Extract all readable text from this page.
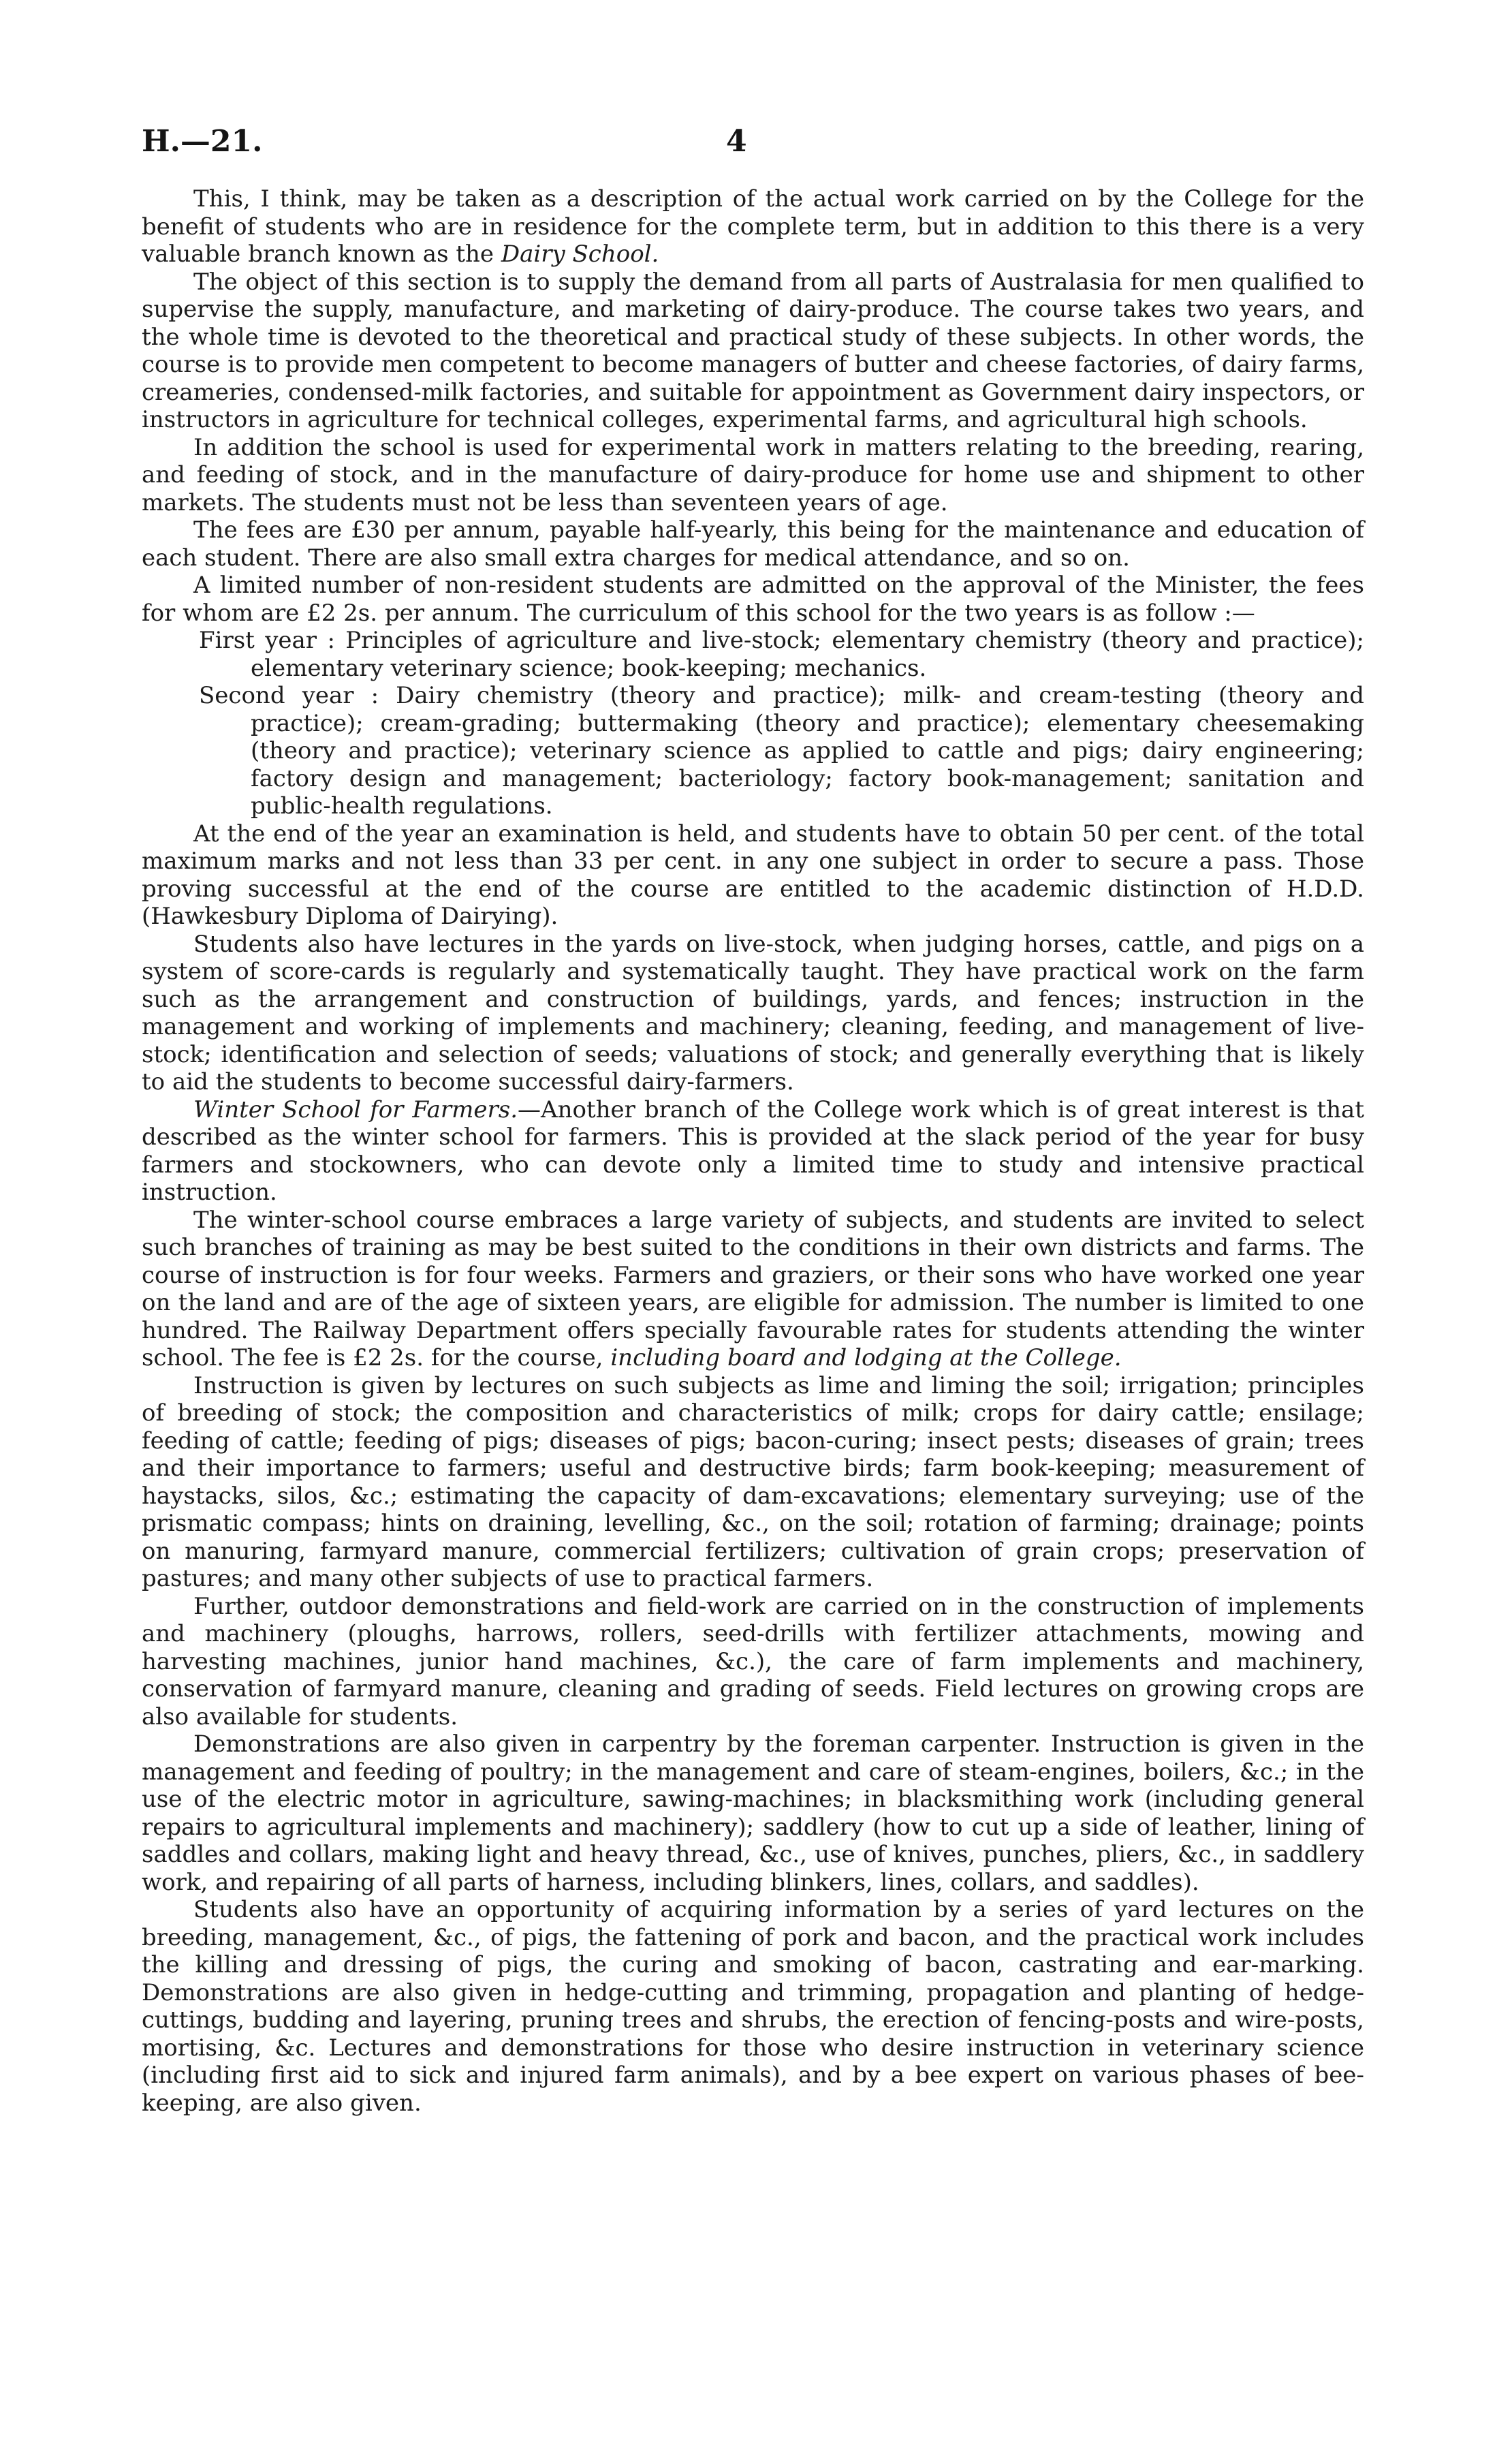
H.—21.	4

This, I think, may be taken as a description of the actual work carried on by the College for the benefit of students who are in residence for the complete term, but in addition to this there is a very valuable branch known as the Dairy School.

The object of this section is to supply the demand from all parts of Australasia for men qualified to supervise the supply, manufacture, and marketing of dairy-produce. The course takes two years, and the whole time is devoted to the theoretical and practical study of these subjects. In other words, the course is to provide men competent to become managers of butter and cheese factories, of dairy farms, creameries, condensed-milk factories, and suitable for appointment as Government dairy inspectors, or instructors in agriculture for technical colleges, experimental farms, and agricultural high schools.

In addition the school is used for experimental work in matters relating to the breeding, rearing, and feeding of stock, and in the manufacture of dairy-produce for home use and shipment to other markets. The students must not be less than seventeen years of age.

The fees are £30 per annum, payable half-yearly, this being for the maintenance and education of each student. There are also small extra charges for medical attendance, and so on.

A limited number of non-resident students are admitted on the approval of the Minister, the fees for whom are £2 2s. per annum. The curriculum of this school for the two years is as follow :—

First year : Principles of agriculture and live-stock; elementary chemistry (theory and practice); elementary veterinary science; book-keeping; mechanics.

Second year : Dairy chemistry (theory and practice); milk- and cream-testing (theory and practice); cream-grading; buttermaking (theory and practice); elementary cheesemaking (theory and practice); veterinary science as applied to cattle and pigs; dairy engineering; factory design and management; bacteriology; factory book-management; sanitation and public-health regulations.

At the end of the year an examination is held, and students have to obtain 50 per cent. of the total maximum marks and not less than 33 per cent. in any one subject in order to secure a pass. Those proving successful at the end of the course are entitled to the academic distinction of H.D.D. (Hawkesbury Diploma of Dairying).

Students also have lectures in the yards on live-stock, when judging horses, cattle, and pigs on a system of score-cards is regularly and systematically taught. They have practical work on the farm such as the arrangement and construction of buildings, yards, and fences; instruction in the management and working of implements and machinery; cleaning, feeding, and management of live-stock; identification and selection of seeds; valuations of stock; and generally everything that is likely to aid the students to become successful dairy-farmers.

Winter School for Farmers.—Another branch of the College work which is of great interest is that described as the winter school for farmers. This is provided at the slack period of the year for busy farmers and stockowners, who can devote only a limited time to study and intensive practical instruction.

The winter-school course embraces a large variety of subjects, and students are invited to select such branches of training as may be best suited to the conditions in their own districts and farms. The course of instruction is for four weeks. Farmers and graziers, or their sons who have worked one year on the land and are of the age of sixteen years, are eligible for admission. The number is limited to one hundred. The Railway Department offers specially favourable rates for students attending the winter school. The fee is £2 2s. for the course, including board and lodging at the College.

Instruction is given by lectures on such subjects as lime and liming the soil; irrigation; principles of breeding of stock; the composition and characteristics of milk; crops for dairy cattle; ensilage; feeding of cattle; feeding of pigs; diseases of pigs; bacon-curing; insect pests; diseases of grain; trees and their importance to farmers; useful and destructive birds; farm book-keeping; measurement of haystacks, silos, &c.; estimating the capacity of dam-excavations; elementary surveying; use of the prismatic compass; hints on draining, levelling, &c., on the soil; rotation of farming; drainage; points on manuring, farmyard manure, commercial fertilizers; cultivation of grain crops; preservation of pastures; and many other subjects of use to practical farmers.

Further, outdoor demonstrations and field-work are carried on in the construction of implements and machinery (ploughs, harrows, rollers, seed-drills with fertilizer attachments, mowing and harvesting machines, junior hand machines, &c.), the care of farm implements and machinery, conservation of farmyard manure, cleaning and grading of seeds. Field lectures on growing crops are also available for students.

Demonstrations are also given in carpentry by the foreman carpenter. Instruction is given in the management and feeding of poultry; in the management and care of steam-engines, boilers, &c.; in the use of the electric motor in agriculture, sawing-machines; in blacksmithing work (including general repairs to agricultural implements and machinery); saddlery (how to cut up a side of leather, lining of saddles and collars, making light and heavy thread, &c., use of knives, punches, pliers, &c., in saddlery work, and repairing of all parts of harness, including blinkers, lines, collars, and saddles).

Students also have an opportunity of acquiring information by a series of yard lectures on the breeding, management, &c., of pigs, the fattening of pork and bacon, and the practical work includes the killing and dressing of pigs, the curing and smoking of bacon, castrating and ear-marking. Demonstrations are also given in hedge-cutting and trimming, propagation and planting of hedge-cuttings, budding and layering, pruning trees and shrubs, the erection of fencing-posts and wire-posts, mortising, &c. Lectures and demonstrations for those who desire instruction in veterinary science (including first aid to sick and injured farm animals), and by a bee expert on various phases of bee-keeping, are also given.
